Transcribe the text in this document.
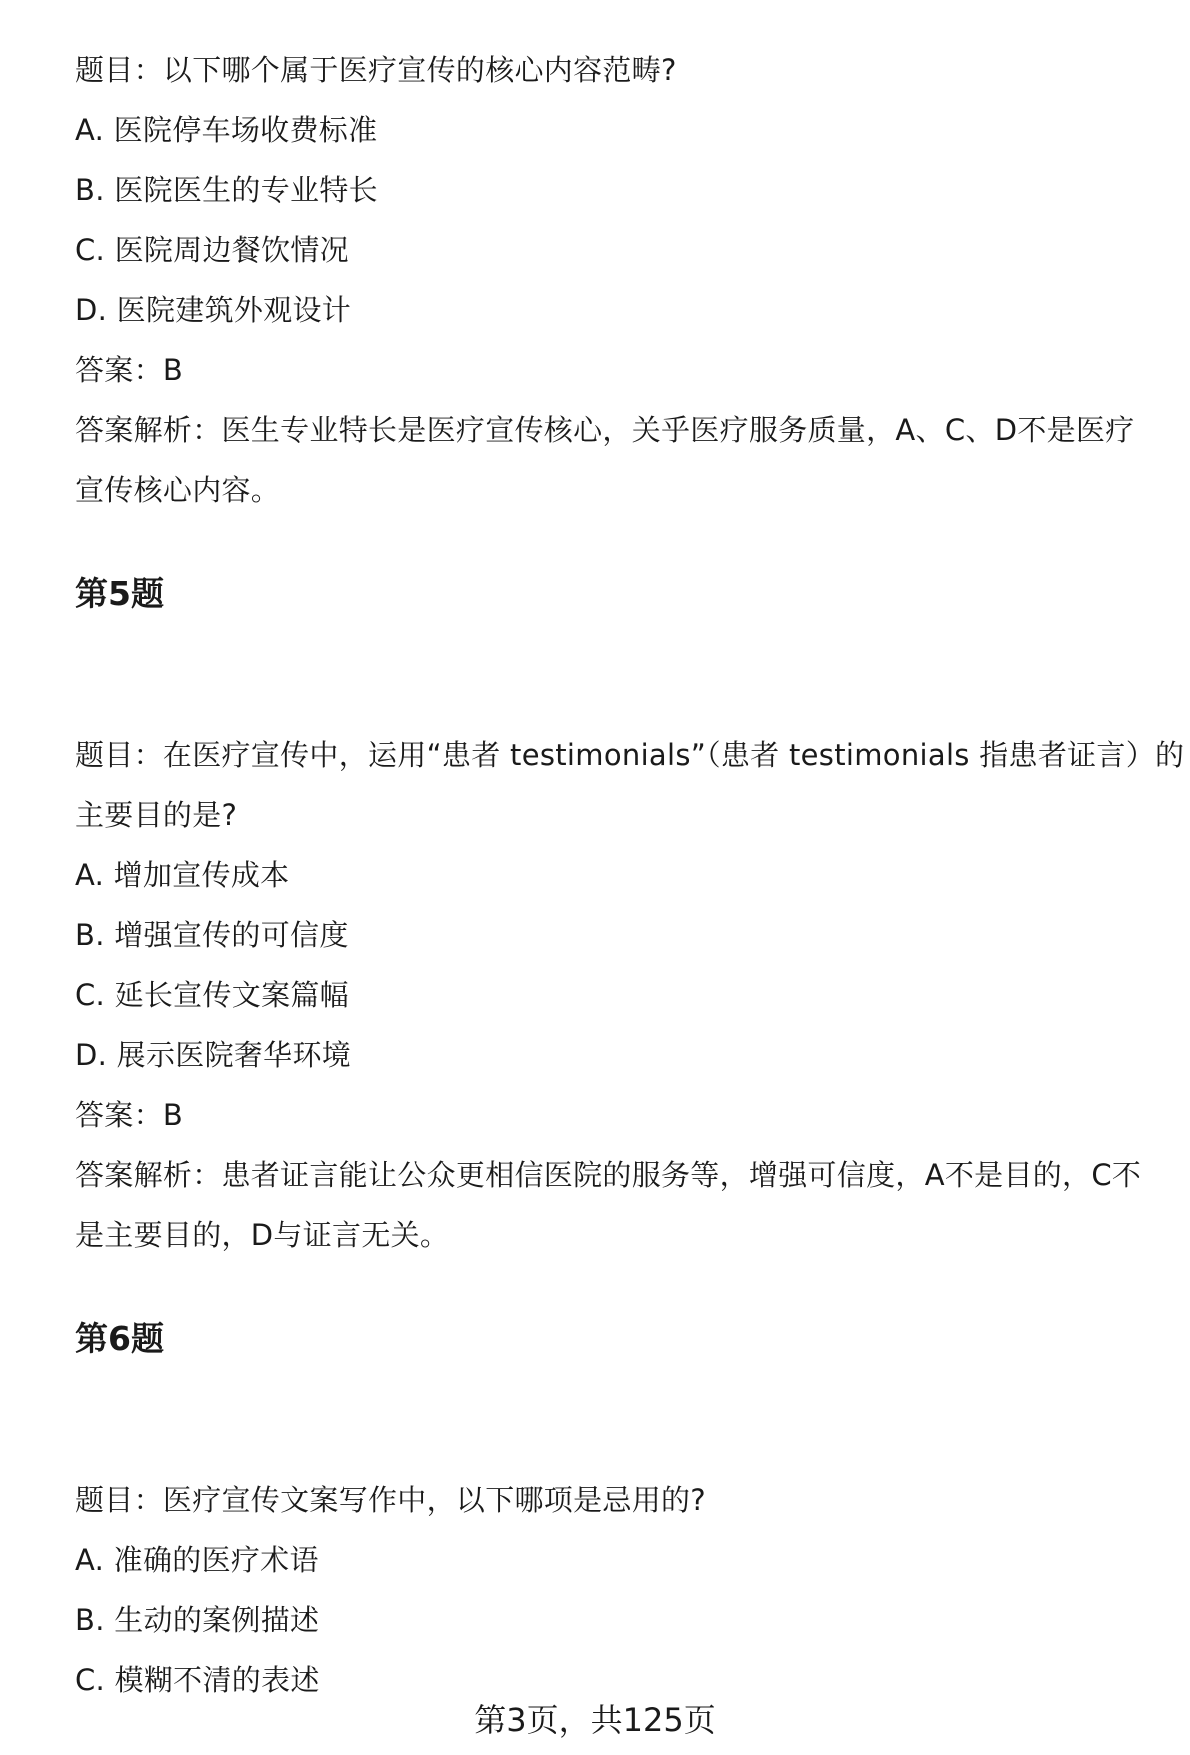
题目：以下哪个属于医疗宣传的核心内容范畴?
A. 医院停车场收费标准
B. 医院医生的专业特长
C. 医院周边餐饮情况
D. 医院建筑外观设计
答案：B
答案解析：医生专业特长是医疗宣传核心，关乎医疗服务质量，A、C、D不是医疗
宣传核心内容。
第5题
题目：在医疗宣传中，运用“患者 testimonials”（患者 testimonials 指患者证言）的
主要目的是?
A. 增加宣传成本
B. 增强宣传的可信度
C. 延长宣传文案篇幅
D. 展示医院奢华环境
答案：B
答案解析：患者证言能让公众更相信医院的服务等，增强可信度，A不是目的，C不
是主要目的，D与证言无关。
第6题
题目：医疗宣传文案写作中，以下哪项是忌用的?
A. 准确的医疗术语
B. 生动的案例描述
C. 模糊不清的表述
第3页，共125页
